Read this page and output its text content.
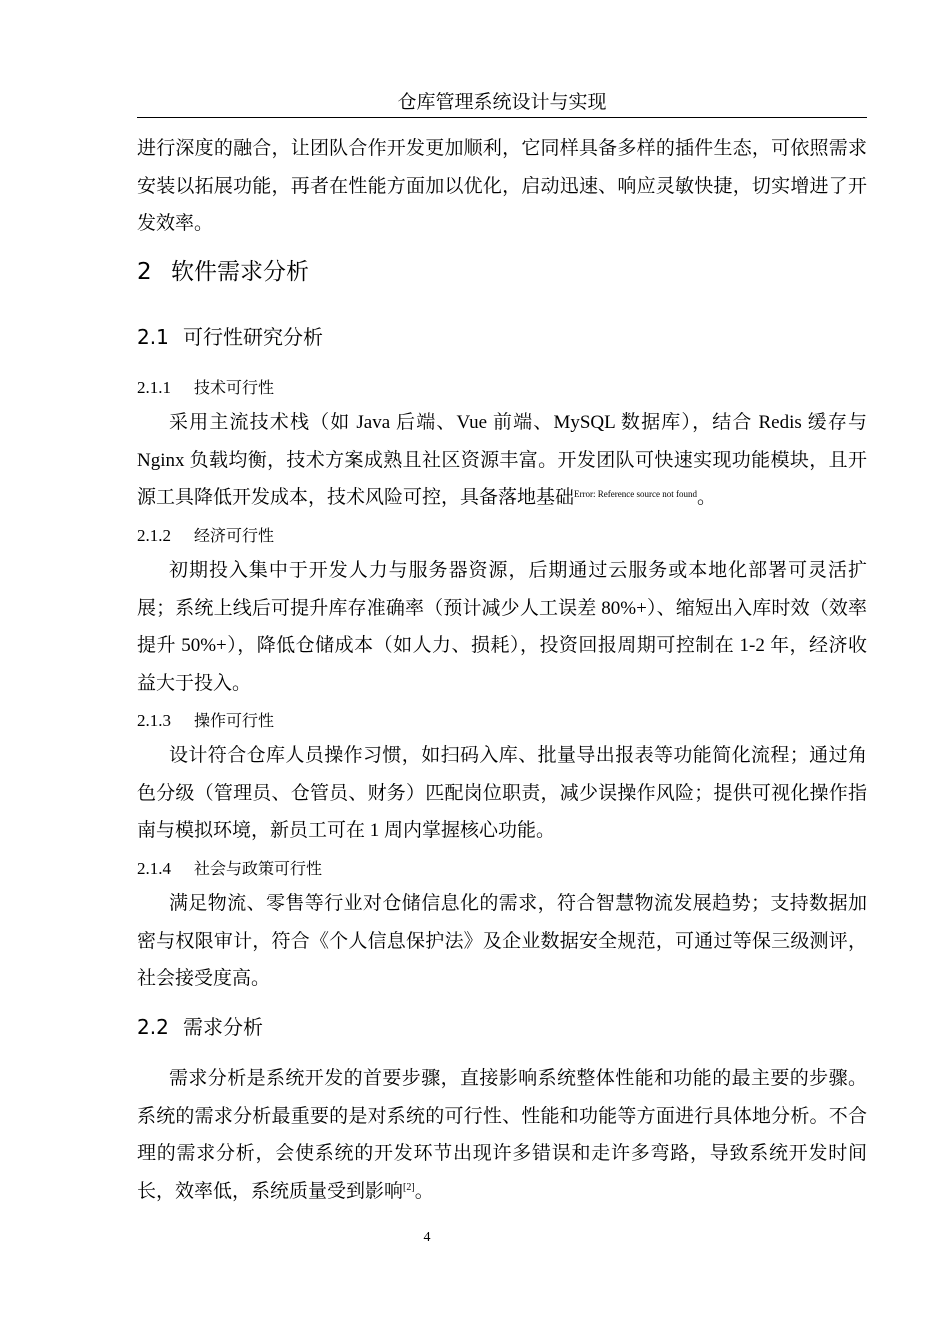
仓库管理系统设计与实现
进行深度的融合，让团队合作开发更加顺利，它同样具备多样的插件生态，可依照需求安装以拓展功能，再者在性能方面加以优化，启动迅速、响应灵敏快捷，切实增进了开发效率。
2 软件需求分析
2.1 可行性研究分析
2.1.1 技术可行性
采用主流技术栈（如 Java 后端、Vue 前端、MySQL 数据库），结合 Redis 缓存与 Nginx 负载均衡，技术方案成熟且社区资源丰富。开发团队可快速实现功能模块，且开源工具降低开发成本，技术风险可控，具备落地基础$^{Error: Reference source not found}$。
2.1.2 经济可行性
初期投入集中于开发人力与服务器资源，后期通过云服务或本地化部署可灵活扩展；系统上线后可提升库存准确率（预计减少人工误差 80%+）、缩短出入库时效（效率提升 50%+），降低仓储成本（如人力、损耗），投资回报周期可控制在 1-2 年，经济收益大于投入。
2.1.3 操作可行性
设计符合仓库人员操作习惯，如扫码入库、批量导出报表等功能简化流程；通过角色分级（管理员、仓管员、财务）匹配岗位职责，减少误操作风险；提供可视化操作指南与模拟环境，新员工可在 1 周内掌握核心功能。
2.1.4 社会与政策可行性
满足物流、零售等行业对仓储信息化的需求，符合智慧物流发展趋势；支持数据加密与权限审计，符合《个人信息保护法》及企业数据安全规范，可通过等保三级测评，社会接受度高。
2.2 需求分析
需求分析是系统开发的首要步骤，直接影响系统整体性能和功能的最主要的步骤。系统的需求分析最重要的是对系统的可行性、性能和功能等方面进行具体地分析。不合理的需求分析，会使系统的开发环节出现许多错误和走许多弯路，导致系统开发时间长，效率低，系统质量受到影响[2]。
4
